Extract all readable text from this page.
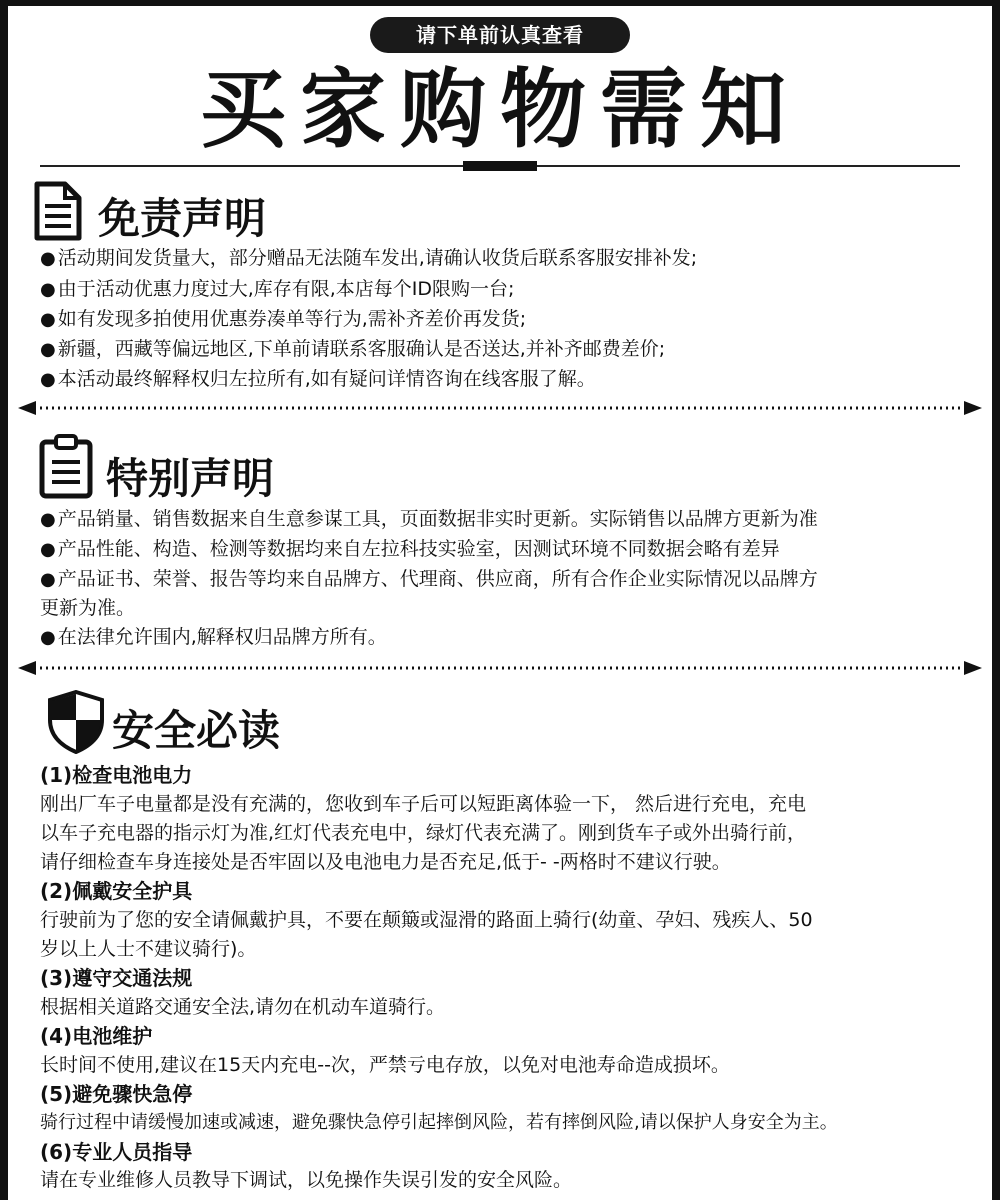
请下单前认真查看
买家购物需知
免责声明
● 活动期间发货量大，部分赠品无法随车发出,请确认收货后联系客服安排补发;
● 由于活动优惠力度过大,库存有限,本店每个ID限购一台;
● 如有发现多拍使用优惠券凑单等行为,需补齐差价再发货;
● 新疆，西藏等偏远地区,下单前请联系客服确认是否送达,并补齐邮费差价;
● 本活动最终解释权归左拉所有,如有疑问详情咨询在线客服了解。
特别声明
● 产品销量、销售数据来自生意参谋工具，页面数据非实时更新。实际销售以品牌方更新为准
● 产品性能、构造、检测等数据均来自左拉科技实验室，因测试环境不同数据会略有差异
● 产品证书、荣誉、报告等均来自品牌方、代理商、供应商，所有合作企业实际情况以品牌方
更新为准。
● 在法律允许围内,解释权归品牌方所有。
安全必读
(1)检查电池电力
刚出厂车子电量都是没有充满的，您收到车子后可以短距离体验一下， 然后进行充电，充电
以车子充电器的指示灯为准,红灯代表充电中，绿灯代表充满了。刚到货车子或外出骑行前，
请仔细检查车身连接处是否牢固以及电池电力是否充足,低于- -两格时不建议行驶。
(2)佩戴安全护具
行驶前为了您的安全请佩戴护具，不要在颠簸或湿滑的路面上骑行(幼童、孕妇、残疾人、50
岁以上人士不建议骑行)。
(3)遵守交通法规
根据相关道路交通安全法,请勿在机动车道骑行。
(4)电池维护
长时间不使用,建议在15天内充电--次，严禁亏电存放，以免对电池寿命造成损坏。
(5)避免骤快急停
骑行过程中请缓慢加速或减速，避免骤快急停引起摔倒风险，若有摔倒风险,请以保护人身安全为主。
(6)专业人员指导
请在专业维修人员教导下调试，以免操作失误引发的安全风险。
